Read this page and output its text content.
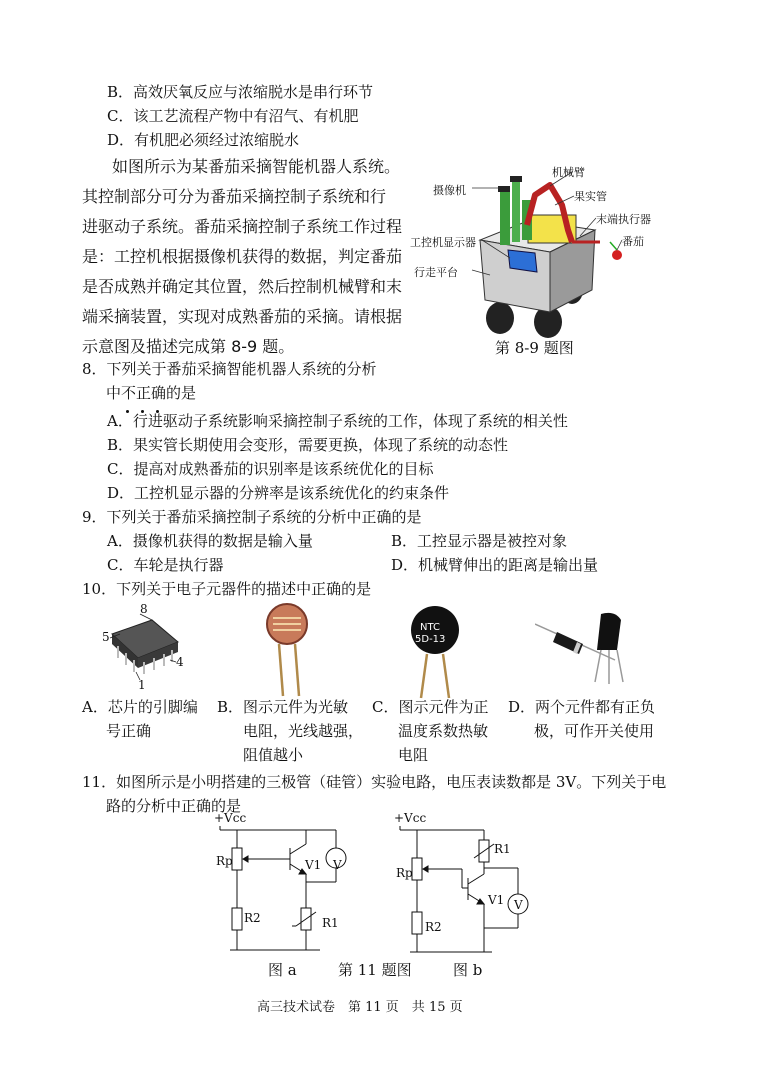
B．高效厌氧反应与浓缩脱水是串行环节
C．该工艺流程产物中有沼气、有机肥
D．有机肥必须经过浓缩脱水
如图所示为某番茄采摘智能机器人系统。
其控制部分可分为番茄采摘控制子系统和行
进驱动子系统。番茄采摘控制子系统工作过程
是：工控机根据摄像机获得的数据，判定番茄
是否成熟并确定其位置，然后控制机械臂和末
端采摘装置，实现对成熟番茄的采摘。请根据
示意图及描述完成第 8-9 题。
摄像机
机械臂
果实管
末端执行器
番茄
工控机显示器
行走平台
第 8-9 题图
8．下列关于番茄采摘智能机器人系统的分析
中不正确
的是
A．行进驱动子系统影响采摘控制子系统的工作，体现了系统的相关性
B．果实管长期使用会变形，需要更换，体现了系统的动态性
C．提高对成熟番茄的识别率是该系统优化的目标
D．工控机显示器的分辨率是该系统优化的约束条件
9．下列关于番茄采摘控制子系统的分析中正确的是
A．摄像机获得的数据是输入量	B．工控显示器是被控对象
C．车轮是执行器	D．机械臂伸出的距离是输出量
10．下列关于电子元器件的描述中正确的是
8
5
4
1
NTC
5D-13
A．芯片的引脚编
号正确
B．图示元件为光敏
电阻，光线越强，
阻值越小
C．图示元件为正
温度系数热敏
电阻
D．两个元件都有正负
极，可作开关使用
11．如图所示是小明搭建的三极管（硅管）实验电路，电压表读数都是 3V。下列关于电
路的分析中正确的是
+Vcc
Rp	V1 V
R2	R1
+Vcc
R1
Rp
V1 V
R2
图 a	第 11 题图	图 b
高三技术试卷　第 11 页　共 15 页
